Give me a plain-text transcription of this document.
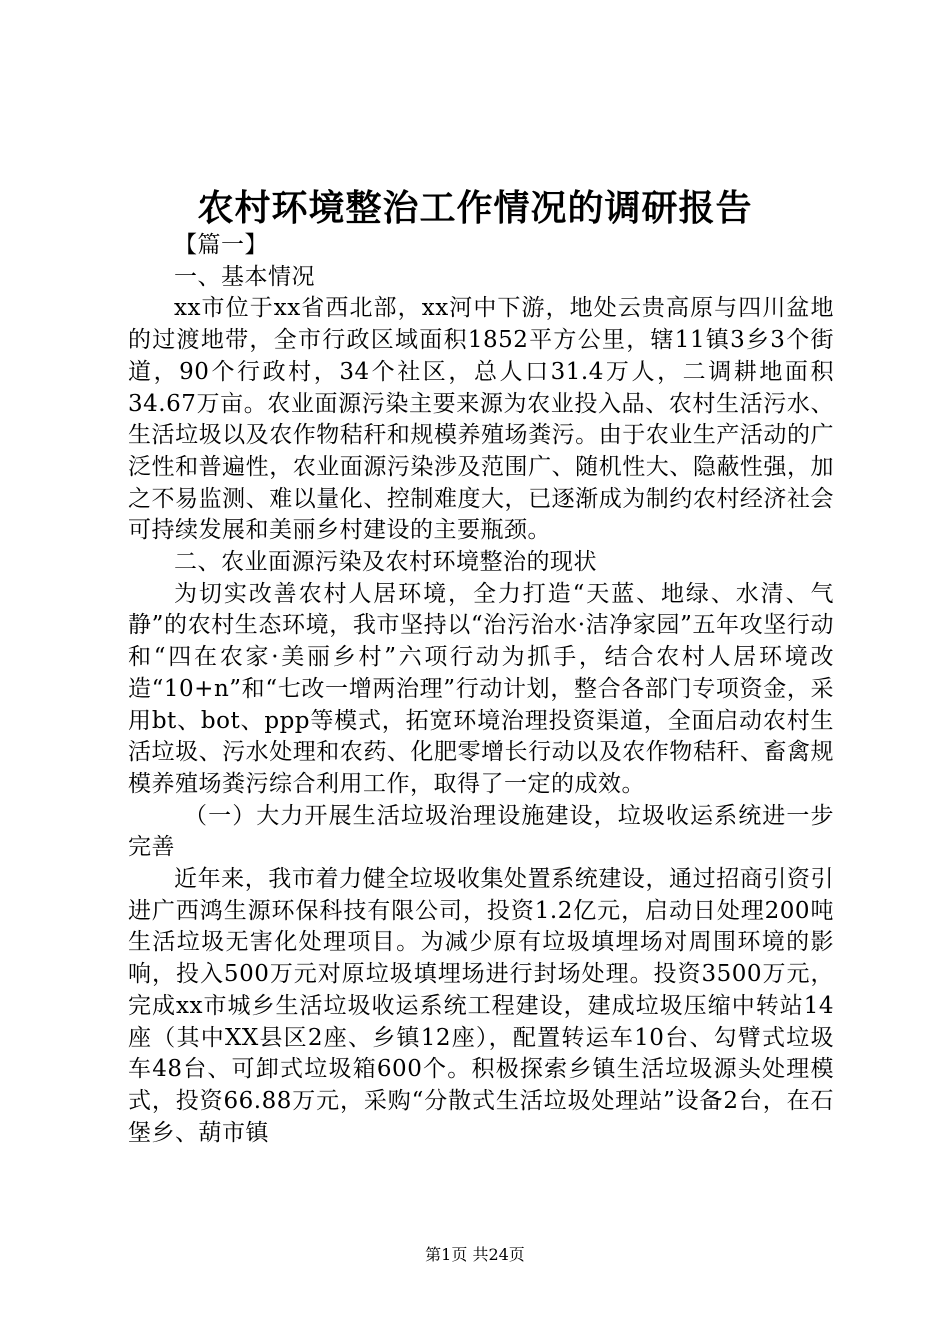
农村环境整治工作情况的调研报告

【篇一】

一、基本情况

xx市位于xx省西北部，xx河中下游，地处云贵高原与四川盆地的过渡地带，全市行政区域面积1852平方公里，辖11镇3乡3个街道，90个行政村，34个社区，总人口31.4万人，二调耕地面积34.67万亩。农业面源污染主要来源为农业投入品、农村生活污水、生活垃圾以及农作物秸秆和规模养殖场粪污。由于农业生产活动的广泛性和普遍性，农业面源污染涉及范围广、随机性大、隐蔽性强，加之不易监测、难以量化、控制难度大，已逐渐成为制约农村经济社会可持续发展和美丽乡村建设的主要瓶颈。

二、农业面源污染及农村环境整治的现状

为切实改善农村人居环境，全力打造“天蓝、地绿、水清、气静”的农村生态环境，我市坚持以“治污治水·洁净家园”五年攻坚行动和“四在农家·美丽乡村”六项行动为抓手，结合农村人居环境改造“10+n”和“七改一增两治理”行动计划，整合各部门专项资金，采用bt、bot、ppp等模式，拓宽环境治理投资渠道，全面启动农村生活垃圾、污水处理和农药、化肥零增长行动以及农作物秸秆、畜禽规模养殖场粪污综合利用工作，取得了一定的成效。

（一）大力开展生活垃圾治理设施建设，垃圾收运系统进一步完善

近年来，我市着力健全垃圾收集处置系统建设，通过招商引资引进广西鸿生源环保科技有限公司，投资1.2亿元，启动日处理200吨生活垃圾无害化处理项目。为减少原有垃圾填埋场对周围环境的影响，投入500万元对原垃圾填埋场进行封场处理。投资3500万元，完成xx市城乡生活垃圾收运系统工程建设，建成垃圾压缩中转站14座（其中XX县区2座、乡镇12座），配置转运车10台、勾臂式垃圾车48台、可卸式垃圾箱600个。积极探索乡镇生活垃圾源头处理模式，投资66.88万元，采购“分散式生活垃圾处理站”设备2台，在石堡乡、葫市镇

第1页 共24页
